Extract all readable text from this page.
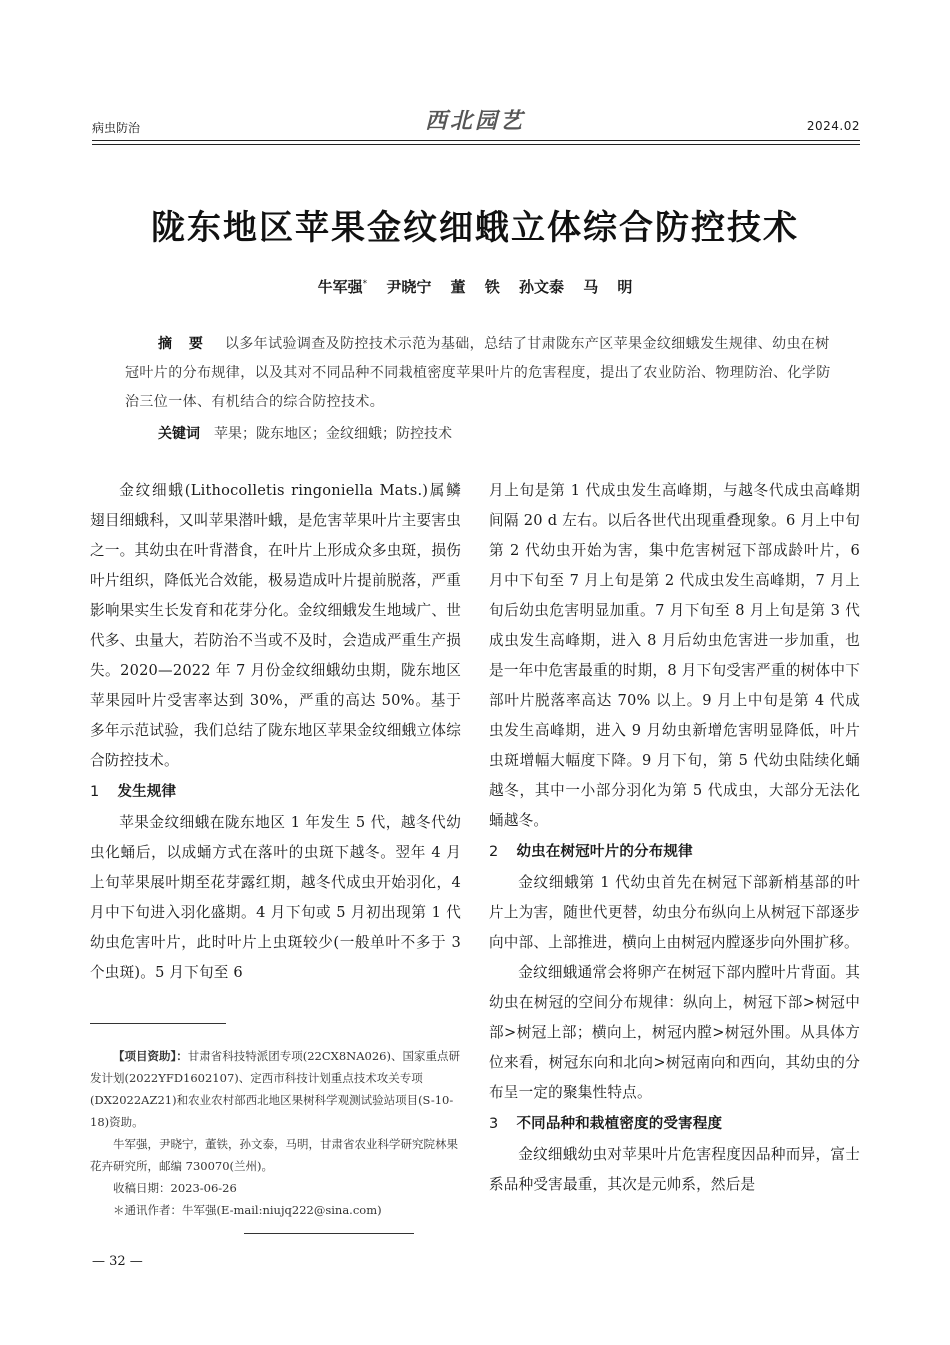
病虫防治	西北园艺	2024.02
陇东地区苹果金纹细蛾立体综合防控技术
牛军强* 尹晓宁 董 铁 孙文泰 马 明
摘 要 以多年试验调查及防控技术示范为基础，总结了甘肃陇东产区苹果金纹细蛾发生规律、幼虫在树冠叶片的分布规律，以及其对不同品种不同栽植密度苹果叶片的危害程度，提出了农业防治、物理防治、化学防治三位一体、有机结合的综合防控技术。
关键词 苹果；陇东地区；金纹细蛾；防控技术

金纹细蛾(Lithocolletis ringoniella Mats.)属鳞翅目细蛾科，又叫苹果潜叶蛾，是危害苹果叶片主要害虫之一。其幼虫在叶背潜食，在叶片上形成众多虫斑，损伤叶片组织，降低光合效能，极易造成叶片提前脱落，严重影响果实生长发育和花芽分化。金纹细蛾发生地域广、世代多、虫量大，若防治不当或不及时，会造成严重生产损失。2020—2022 年 7 月份金纹细蛾幼虫期，陇东地区苹果园叶片受害率达到 30%，严重的高达 50%。基于多年示范试验，我们总结了陇东地区苹果金纹细蛾立体综合防控技术。

1 发生规律

苹果金纹细蛾在陇东地区 1 年发生 5 代，越冬代幼虫化蛹后，以成蛹方式在落叶的虫斑下越冬。翌年 4 月上旬苹果展叶期至花芽露红期，越冬代成虫开始羽化，4 月中下旬进入羽化盛期。4 月下旬或 5 月初出现第 1 代幼虫危害叶片，此时叶片上虫斑较少(一般单叶不多于 3 个虫斑)。5 月下旬至 6

月上旬是第 1 代成虫发生高峰期，与越冬代成虫高峰期间隔 20 d 左右。以后各世代出现重叠现象。6 月上中旬第 2 代幼虫开始为害，集中危害树冠下部成龄叶片，6 月中下旬至 7 月上旬是第 2 代成虫发生高峰期，7 月上旬后幼虫危害明显加重。7 月下旬至 8 月上旬是第 3 代成虫发生高峰期，进入 8 月后幼虫危害进一步加重，也是一年中危害最重的时期，8 月下旬受害严重的树体中下部叶片脱落率高达 70% 以上。9 月上中旬是第 4 代成虫发生高峰期，进入 9 月幼虫新增危害明显降低，叶片虫斑增幅大幅度下降。9 月下旬，第 5 代幼虫陆续化蛹越冬，其中一小部分羽化为第 5 代成虫，大部分无法化蛹越冬。

2 幼虫在树冠叶片的分布规律

金纹细蛾第 1 代幼虫首先在树冠下部新梢基部的叶片上为害，随世代更替，幼虫分布纵向上从树冠下部逐步向中部、上部推进，横向上由树冠内膛逐步向外围扩移。

金纹细蛾通常会将卵产在树冠下部内膛叶片背面。其幼虫在树冠的空间分布规律：纵向上，树冠下部>树冠中部>树冠上部；横向上，树冠内膛>树冠外围。从具体方位来看，树冠东向和北向>树冠南向和西向，其幼虫的分布呈一定的聚集性特点。

3 不同品种和栽植密度的受害程度

金纹细蛾幼虫对苹果叶片危害程度因品种而异，富士系品种受害最重，其次是元帅系，然后是

【项目资助】：甘肃省科技特派团专项(22CX8NA026)、国家重点研发计划(2022YFD1602107)、定西市科技计划重点技术攻关专项(DX2022AZ21)和农业农村部西北地区果树科学观测试验站项目(S-10-18)资助。

牛军强，尹晓宁，董铁，孙文泰，马明，甘肃省农业科学研究院林果花卉研究所，邮编 730070(兰州)。

收稿日期：2023-06-26

＊通讯作者：牛军强(E-mail:niujq222@sina.com)

— 32 —
